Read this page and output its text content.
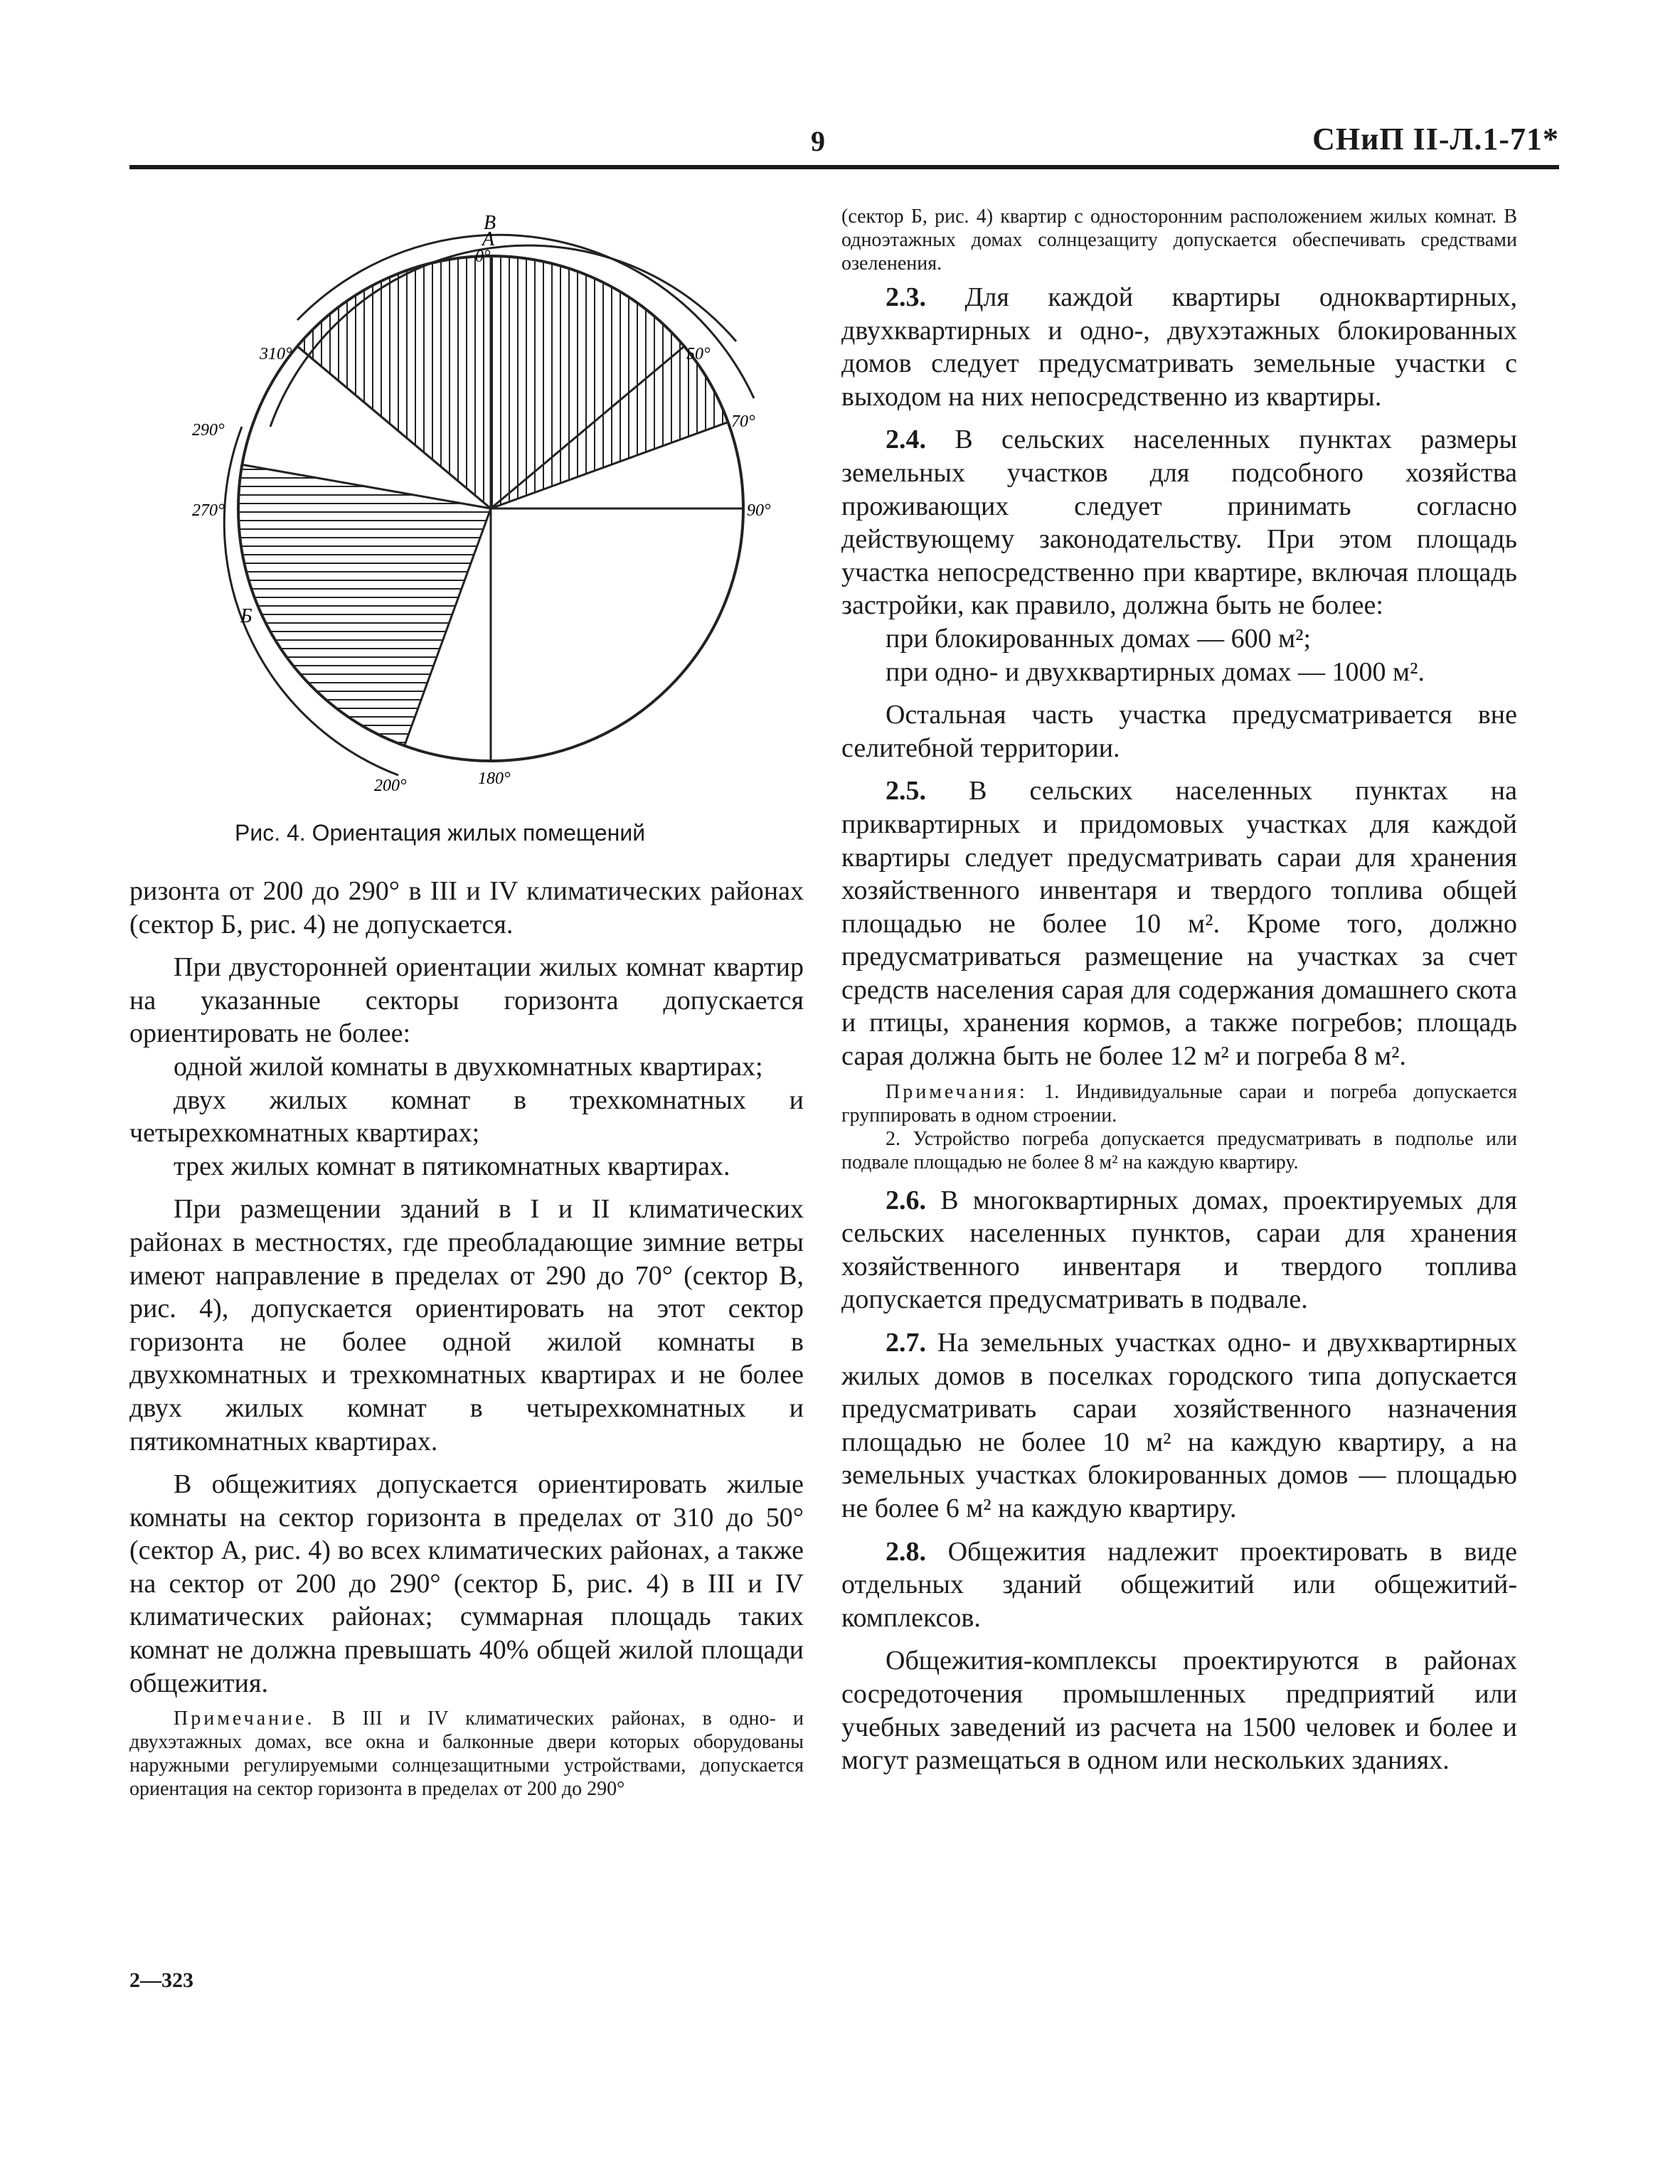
9	СНиП II-Л.1-71*
В
А
0°
50°
70°
90°
180°
200°
270°
290°
310°
Б
Рис. 4. Ориентация жилых помещений

ризонта от 200 до 290° в III и IV климатических районах (сектор Б, рис. 4) не допускается.

При двусторонней ориентации жилых комнат квартир на указанные секторы горизонта допускается ориентировать не более:

одной жилой комнаты в двухкомнатных квартирах;

двух жилых комнат в трехкомнатных и четырехкомнатных квартирах;

трех жилых комнат в пятикомнатных квартирах.

При размещении зданий в I и II климатических районах в местностях, где преобладающие зимние ветры имеют направление в пределах от 290 до 70° (сектор В, рис. 4), допускается ориентировать на этот сектор горизонта не более одной жилой комнаты в двухкомнатных и трехкомнатных квартирах и не более двух жилых комнат в четырехкомнатных и пятикомнатных квартирах.

В общежитиях допускается ориентировать жилые комнаты на сектор горизонта в пределах от 310 до 50° (сектор А, рис. 4) во всех климатических районах, а также на сектор от 200 до 290° (сектор Б, рис. 4) в III и IV климатических районах; суммарная площадь таких комнат не должна превышать 40% общей жилой площади общежития.

Примечание. В III и IV климатических районах, в одно- и двухэтажных домах, все окна и балконные двери которых оборудованы наружными регулируемыми солнцезащитными устройствами, допускается ориентация на сектор горизонта в пределах от 200 до 290°

(сектор Б, рис. 4) квартир с односторонним расположением жилых комнат. В одноэтажных домах солнцезащиту допускается обеспечивать средствами озеленения.

2.3. Для каждой квартиры одноквартирных, двухквартирных и одно-, двухэтажных блокированных домов следует предусматривать земельные участки с выходом на них непосредственно из квартиры.

2.4. В сельских населенных пунктах размеры земельных участков для подсобного хозяйства проживающих следует принимать согласно действующему законодательству. При этом площадь участка непосредственно при квартире, включая площадь застройки, как правило, должна быть не более:

при блокированных домах — 600 м²;

при одно- и двухквартирных домах — 1000 м².

Остальная часть участка предусматривается вне селитебной территории.

2.5. В сельских населенных пунктах на приквартирных и придомовых участках для каждой квартиры следует предусматривать сараи для хранения хозяйственного инвентаря и твердого топлива общей площадью не более 10 м². Кроме того, должно предусматриваться размещение на участках за счет средств населения сарая для содержания домашнего скота и птицы, хранения кормов, а также погребов; площадь сарая должна быть не более 12 м² и погреба 8 м².

Примечания: 1. Индивидуальные сараи и погреба допускается группировать в одном строении.

2. Устройство погреба допускается предусматривать в подполье или подвале площадью не более 8 м² на каждую квартиру.

2.6. В многоквартирных домах, проектируемых для сельских населенных пунктов, сараи для хранения хозяйственного инвентаря и твердого топлива допускается предусматривать в подвале.

2.7. На земельных участках одно- и двухквартирных жилых домов в поселках городского типа допускается предусматривать сараи хозяйственного назначения площадью не более 10 м² на каждую квартиру, а на земельных участках блокированных домов — площадью не более 6 м² на каждую квартиру.

2.8. Общежития надлежит проектировать в виде отдельных зданий общежитий или общежитий-комплексов.

Общежития-комплексы проектируются в районах сосредоточения промышленных предприятий или учебных заведений из расчета на 1500 человек и более и могут размещаться в одном или нескольких зданиях.

2—323
